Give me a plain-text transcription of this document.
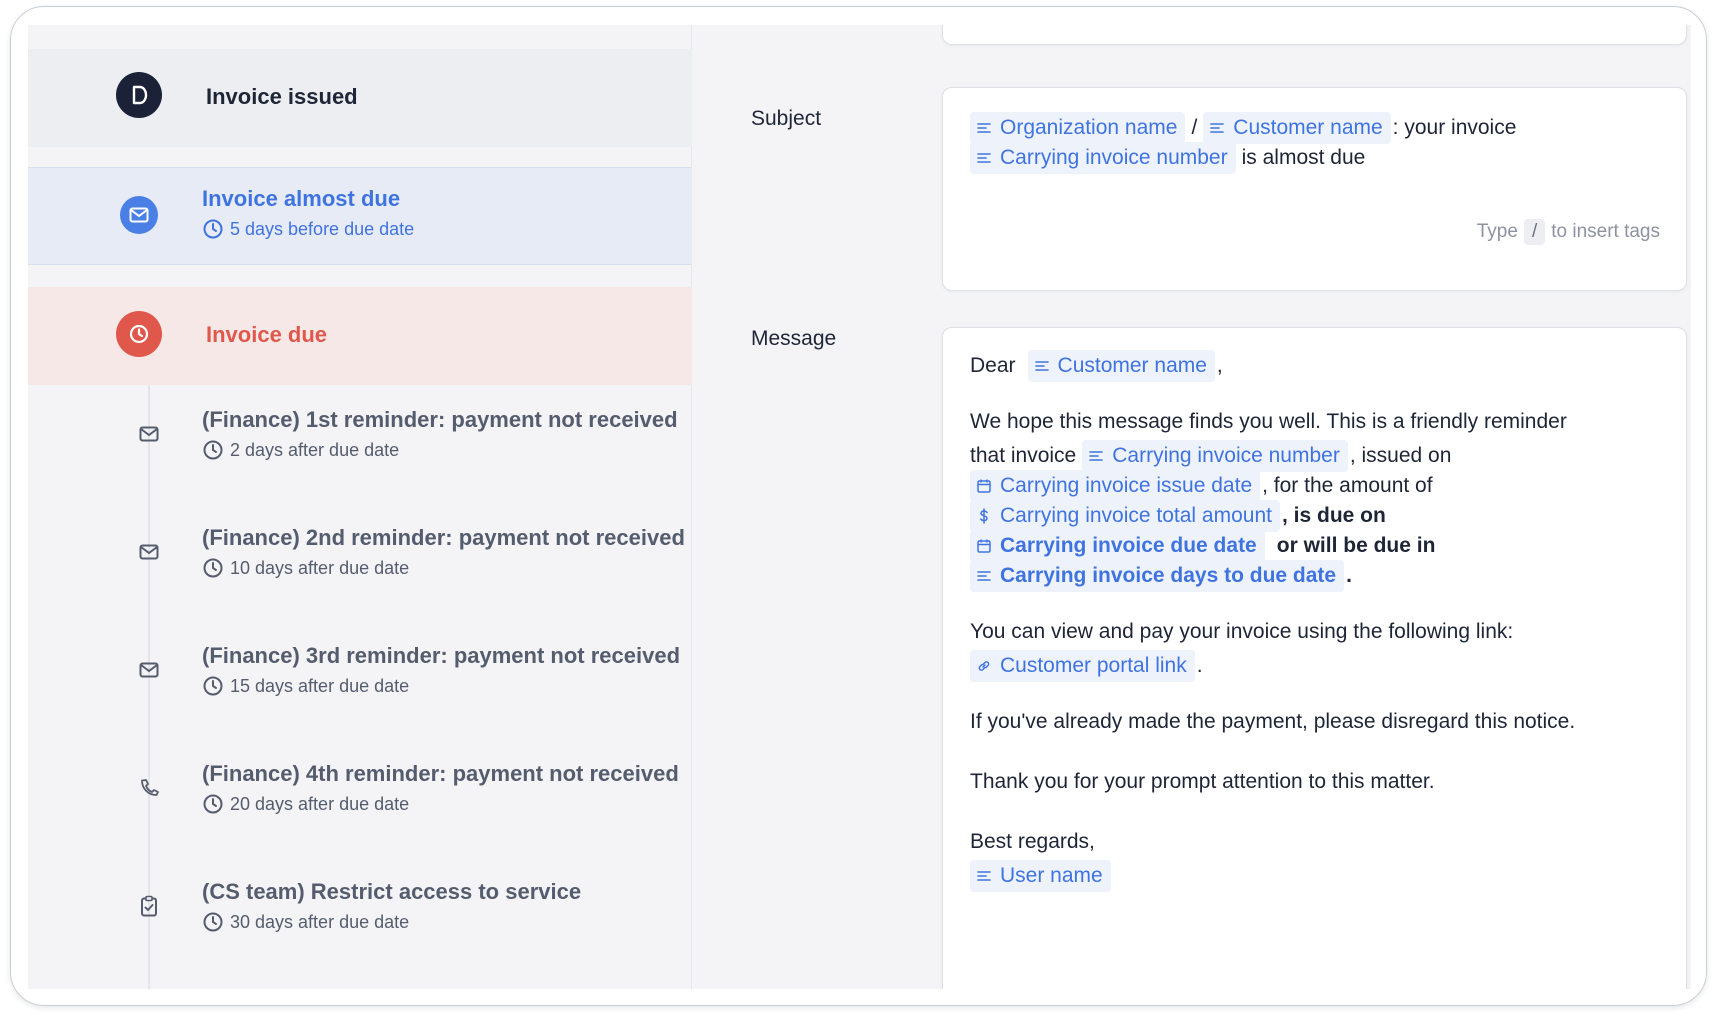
Invoice issued
Invoice almost due
5 days before due date
Invoice due
(Finance) 1st reminder: payment not received
2 days after due date
(Finance) 2nd reminder: payment not received
10 days after due date
(Finance) 3rd reminder: payment not received
15 days after due date
(Finance) 4th reminder: payment not received
20 days after due date
(CS team) Restrict access to service
30 days after due date
Subject	Organization name / Customer name : your invoice
Carrying invoice number is almost due
Type / to insert tags
Message
Dear Customer name ,
We hope this message finds you well. This is a friendly reminder
that invoice Carrying invoice number , issued on
Carrying invoice issue date , for the amount of
Carrying invoice total amount , is due on
Carrying invoice due date or will be due in
Carrying invoice days to due date .
You can view and pay your invoice using the following link:
Customer portal link .
If you've already made the payment, please disregard this notice.
Thank you for your prompt attention to this matter.
Best regards,
User name
